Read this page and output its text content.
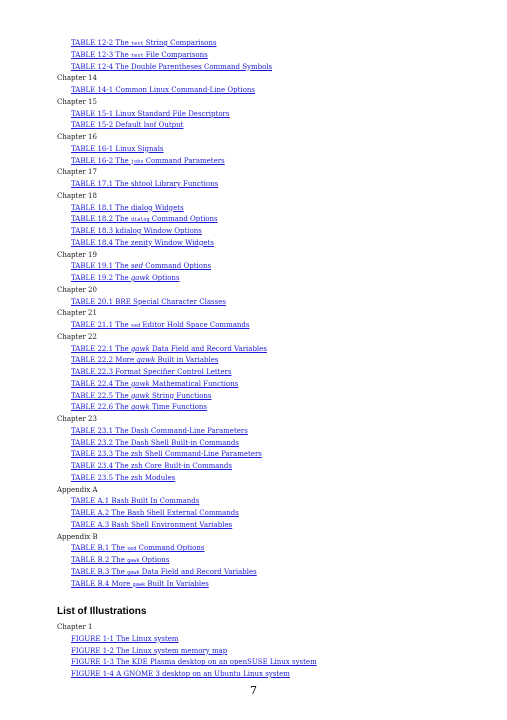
TABLE 12-2 The test String Comparisons
TABLE 12-3 The test File Comparisons
TABLE 12-4 The Double Parentheses Command Symbols
Chapter 14
TABLE 14-1 Common Linux Command-Line Options
Chapter 15
TABLE 15-1 Linux Standard File Descriptors
TABLE 15-2 Default lsof Output
Chapter 16
TABLE 16-1 Linux Signals
TABLE 16-2 The jobs Command Parameters
Chapter 17
TABLE 17.1 The shtool Library Functions
Chapter 18
TABLE 18.1 The dialog Widgets
TABLE 18.2 The dialog Command Options
TABLE 18.3 kdialog Window Options
TABLE 18.4 The zenity Window Widgets
Chapter 19
TABLE 19.1 The sed Command Options
TABLE 19.2 The gawk Options
Chapter 20
TABLE 20.1 BRE Special Character Classes
Chapter 21
TABLE 21.1 The sed Editor Hold Space Commands
Chapter 22
TABLE 22.1 The gawk Data Field and Record Variables
TABLE 22.2 More gawk Built in Variables
TABLE 22.3 Format Specifier Control Letters
TABLE 22.4 The gawk Mathematical Functions
TABLE 22.5 The gawk String Functions
TABLE 22.6 The gawk Time Functions
Chapter 23
TABLE 23.1 The Dash Command-Line Parameters
TABLE 23.2 The Dash Shell Built-in Commands
TABLE 23.3 The zsh Shell Command-Line Parameters
TABLE 23.4 The zsh Core Built-in Commands
TABLE 23.5 The zsh Modules
Appendix A
TABLE A.1 Bash Built In Commands
TABLE A.2 The Bash Shell External Commands
TABLE A.3 Bash Shell Environment Variables
Appendix B
TABLE B.1 The sed Command Options
TABLE B.2 The gawk Options
TABLE B.3 The gawk Data Field and Record Variables
TABLE B.4 More gawk Built In Variables
List of Illustrations
Chapter 1
FIGURE 1-1 The Linux system
FIGURE 1-2 The Linux system memory map
FIGURE 1-3 The KDE Plasma desktop on an openSUSE Linux system
FIGURE 1-4 A GNOME 3 desktop on an Ubuntu Linux system
7
